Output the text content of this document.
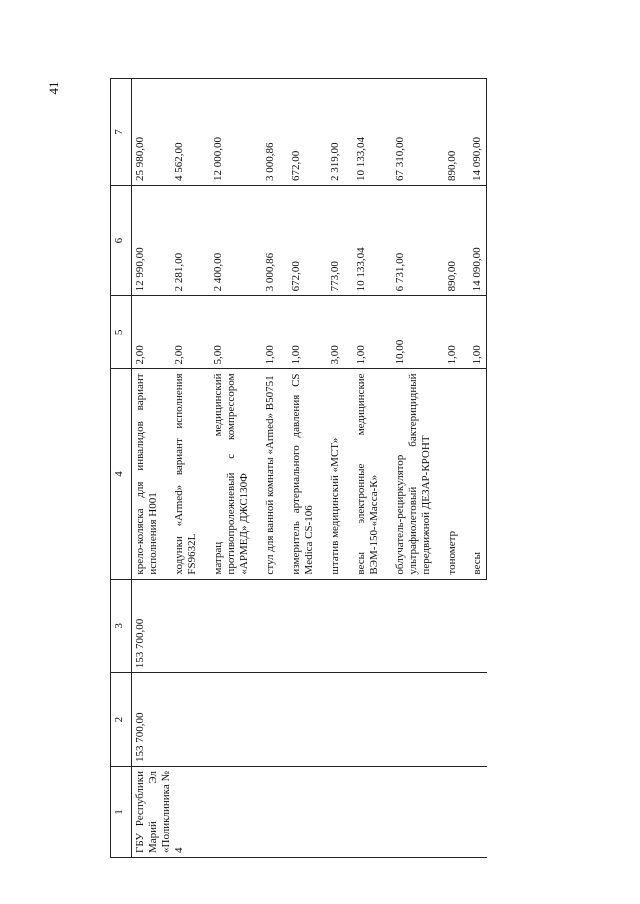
41
1	2	3	4	5	6	7
ГБУ Республики Марий Эл «Поликлиника № 4	153 700,00	153 700,00	крело-коляска для инвалидов вариант исполнения H001	2,00	12 990,00	25 980,00
			ходунки «Armed» вариант исполнения FS9632L	2,00	2 281,00	4 562,00
			матрац медицинский противопролежневый с компрессором «АРМЕД» ДЖС130Ф	5,00	2 400,00	12 000,00
			стул для ванной комнаты «Armed» B50751	1,00	3 000,86	3 000,86
			измеритель артериального давления CS Medica CS-106	1,00	672,00	672,00
			штатив медицинский «МСТ»	3,00	773,00	2 319,00
			весы электронные медицинские ВЭМ-150-«Масса-К»	1,00	10 133,04	10 133,04
			облучатель-рециркулятор ультрафиолетовый бактерицидный передвижной ДЕЗАР-КРОНТ	10,00	6 731,00	67 310,00
			тонометр	1,00	890,00	890,00
			весы	1,00	14 090,00	14 090,00
